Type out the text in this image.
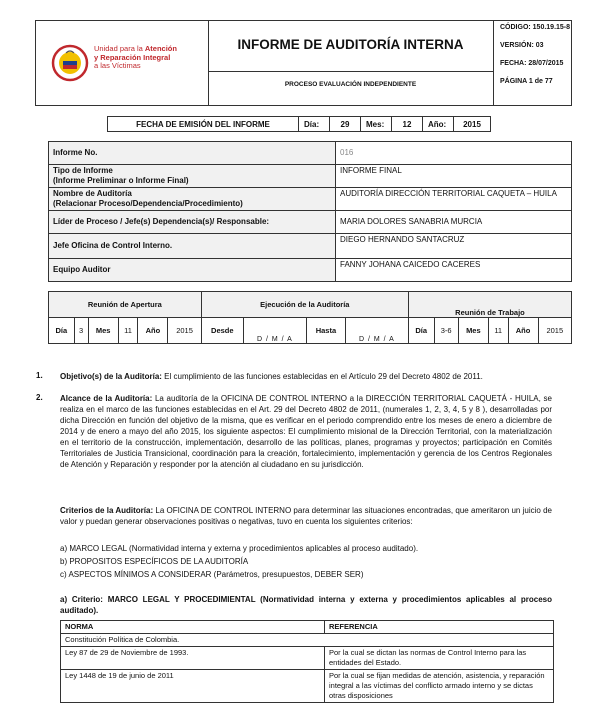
Unidad para la Atención
y Reparación Integral
a las Víctimas
INFORME DE AUDITORÍA INTERNA
PROCESO EVALUACIÓN INDEPENDIENTE
CÓDIGO: 150.19.15-8
VERSIÓN: 03
FECHA: 28/07/2015
PÁGINA 1 de 77
FECHA DE EMISIÓN DEL INFORME	Día:	29	Mes:	12	Año:	2015
Informe No.	016
Tipo de Informe
(Informe Preliminar o Informe Final)	INFORME FINAL
Nombre de Auditoría
(Relacionar Proceso/Dependencia/Procedimiento)	AUDITORÍA DIRECCIÓN TERRITORIAL CAQUETA – HUILA
Líder de Proceso / Jefe(s) Dependencia(s)/ Responsable:	MARIA DOLORES SANABRIA MURCIA
Jefe Oficina de Control Interno.	DIEGO HERNANDO SANTACRUZ
Equipo Auditor	FANNY JOHANA CAICEDO CACERES
Reunión de Apertura						Ejecución de la Auditoría				Reunión de Trabajo					
Día	3	Mes	11	Año	2015	Desde	D / M / A	Hasta	D / M / A	Día	3-6	Mes	11	Año	2015
1. Objetivo(s) de la Auditoría: El cumplimiento de las funciones establecidas en el Artículo 29 del Decreto 4802 de 2011.
2. Alcance de la Auditoría: La auditoría de la OFICINA DE CONTROL INTERNO a la DIRECCIÓN TERRITORIAL CAQUETÁ - HUILA, se realiza en el marco de las funciones establecidas en el Art. 29 del Decreto 4802 de 2011, (numerales 1, 2, 3, 4, 5 y 8 ), desarrolladas por dicha Dirección en función del objetivo de la misma, que es verificar en el periodo comprendido entre los meses de enero a diciembre de 2014 y de enero a mayo del año 2015, los siguiente aspectos: El cumplimiento misional de la Dirección Territorial, con la materialización en el territorio de la construcción, implementación, desarrollo de las políticas, planes, programas y proyectos; participación en Comités Territoriales de Justicia Transicional, coordinación para la creación, fortalecimiento, implementación y gerencia de los Centros Regionales de Atención y Reparación y responder por la atención al ciudadano en su jurisdicción.
Criterios de la Auditoría: La OFICINA DE CONTROL INTERNO para determinar las situaciones encontradas, que ameritaron un juicio de valor y puedan generar observaciones positivas o negativas, tuvo en cuenta los siguientes criterios:
a) MARCO LEGAL (Normatividad interna y externa y procedimientos aplicables al proceso auditado).
b) PROPOSITOS ESPECÍFICOS DE LA AUDITORÍA
c) ASPECTOS MÍNIMOS A CONSIDERAR (Parámetros, presupuestos, DEBER SER)
a) Criterio: MARCO LEGAL Y PROCEDIMIENTAL (Normatividad interna y externa y procedimientos aplicables al proceso auditado).
NORMA	REFERENCIA
Constitución Política de Colombia.	
Ley 87 de 29 de Noviembre de 1993.	Por la cual se dictan las normas de Control Interno para las entidades del Estado.
Ley 1448 de 19 de junio de 2011	Por la cual se fijan medidas de atención, asistencia, y reparación integral a las víctimas del conflicto armado interno y se dictas otras disposiciones
